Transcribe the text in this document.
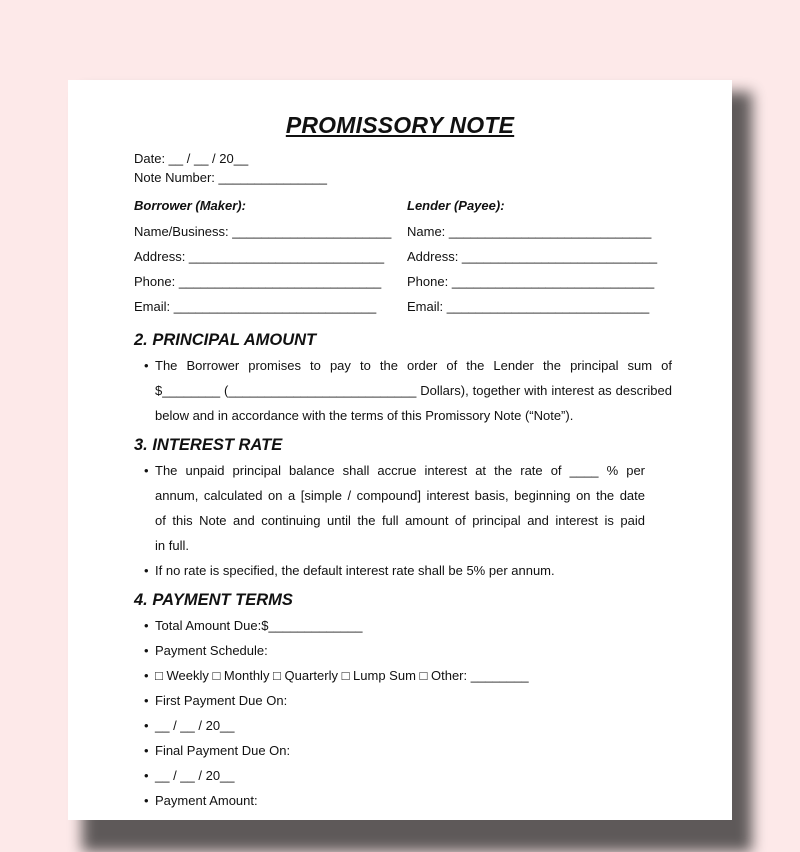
PROMISSORY NOTE
Date: __ / __ / 20__
Note Number: _______________
Borrower (Maker):
Name/Business: ______________________
Address: ___________________________
Phone: ____________________________
Email: ____________________________
Lender (Payee):
Name: ____________________________
Address: ___________________________
Phone: ____________________________
Email: ____________________________
2. PRINCIPAL AMOUNT
• The Borrower promises to pay to the order of the Lender the principal sum of
$________ (__________________________ Dollars), together with interest as described
below and in accordance with the terms of this Promissory Note (“Note”).
3. INTEREST RATE
• The unpaid principal balance shall accrue interest at the rate of ____ % per
annum, calculated on a [simple / compound] interest basis, beginning on the date
of this Note and continuing until the full amount of principal and interest is paid
in full.
• If no rate is specified, the default interest rate shall be 5% per annum.
4. PAYMENT TERMS
• Total Amount Due:$_____________
• Payment Schedule:
• □ Weekly □ Monthly □ Quarterly □ Lump Sum □ Other: ________
• First Payment Due On:
• __ / __ / 20__
• Final Payment Due On:
• __ / __ / 20__
• Payment Amount:
